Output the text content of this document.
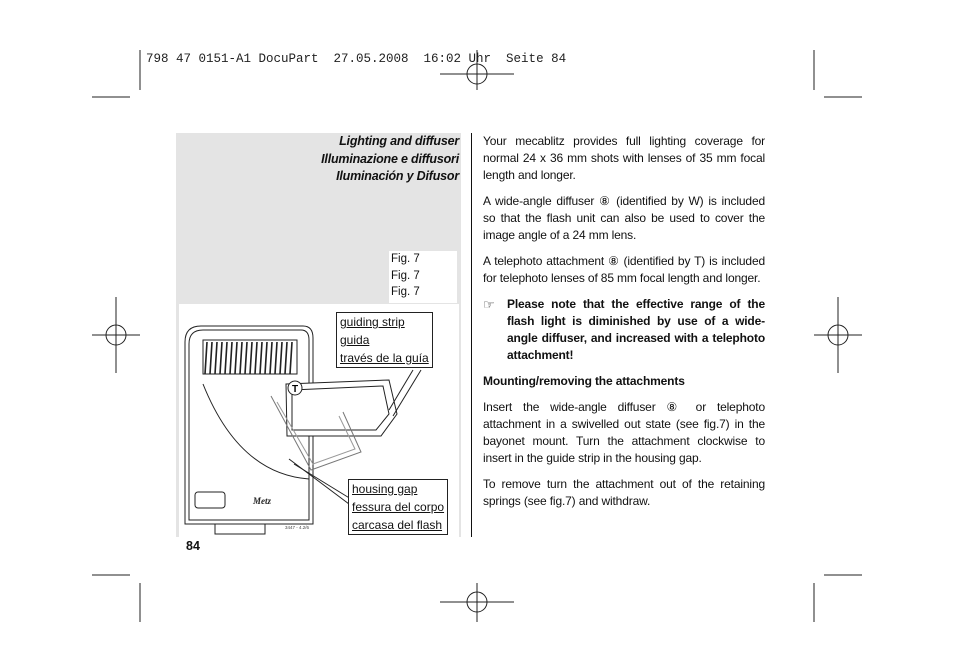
798 47 0151-A1 DocuPart  27.05.2008  16:02 Uhr  Seite 84
Lighting and diffuser
Illuminazione e diffusori
Iluminación y Difusor
Fig. 7
Fig. 7
Fig. 7
T
Metz
3447 - 4.2/6
guiding strip
guida
través de la guía
housing gap
fessura del corpo
carcasa del flash
84

Your mecablitz provides full lighting coverage for normal 24 x 36 mm shots with lenses of 35 mm focal length and longer.

A wide-angle diffuser ⑧ (identified by W) is included so that the flash unit can also be used to cover the image angle of a 24 mm lens.

A telephoto attachment ⑧ (identified by T) is included for telephoto lenses of 85 mm focal length and longer.

☞	Please note that the effective range of the flash light is diminished by use of a wide-angle diffuser, and increased with a telephoto attachment!

Mounting/removing the attachments

Insert the wide-angle diffuser ⑧ or telephoto attachment in a swivelled out state (see fig.7) in the bayonet mount. Turn the attachment clockwise to insert in the guide strip in the housing gap.

To remove turn the attachment out of the retaining springs (see fig.7) and withdraw.
